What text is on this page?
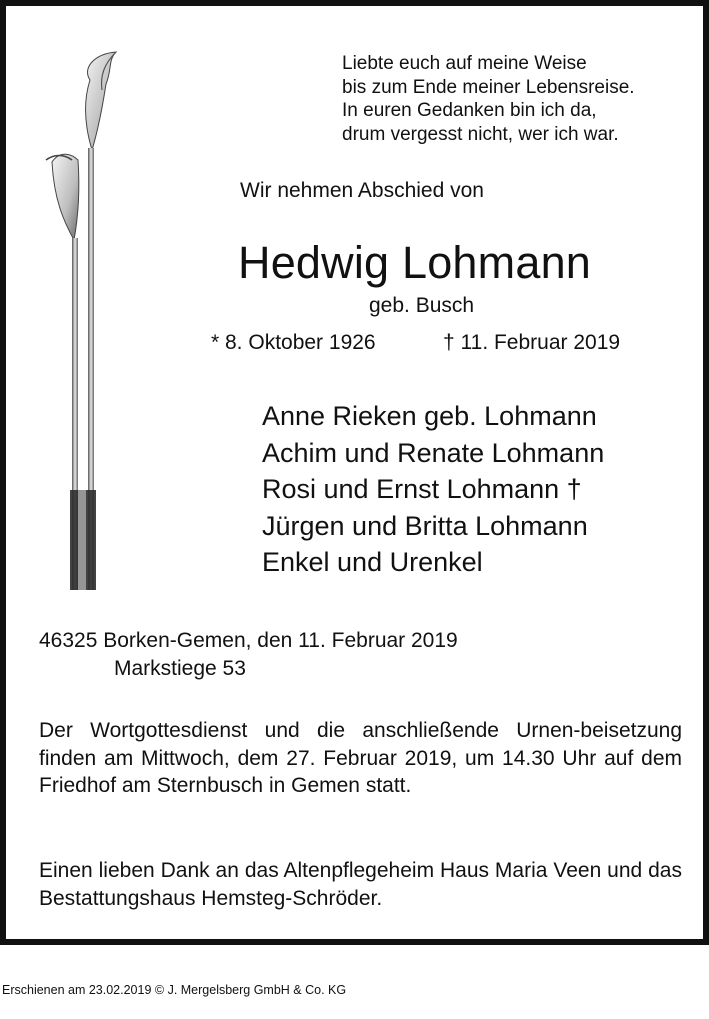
Liebte euch auf meine Weise
bis zum Ende meiner Lebensreise.
In euren Gedanken bin ich da,
drum vergesst nicht, wer ich war.
Wir nehmen Abschied von
Hedwig Lohmann
geb. Busch
* 8. Oktober 1926	† 11. Februar 2019
Anne Rieken geb. Lohmann
Achim und Renate Lohmann
Rosi und Ernst Lohmann †
Jürgen und Britta Lohmann
Enkel und Urenkel
46325 Borken-Gemen, den 11. Februar 2019
Markstiege 53
Der Wortgottesdienst und die anschließende Urnen-beisetzung finden am Mittwoch, dem 27. Februar 2019, um 14.30 Uhr auf dem Friedhof am Sternbusch in Gemen statt.
Einen lieben Dank an das Altenpflegeheim Haus Maria Veen und das Bestattungshaus Hemsteg-Schröder.
Erschienen am 23.02.2019 © J. Mergelsberg GmbH & Co. KG
